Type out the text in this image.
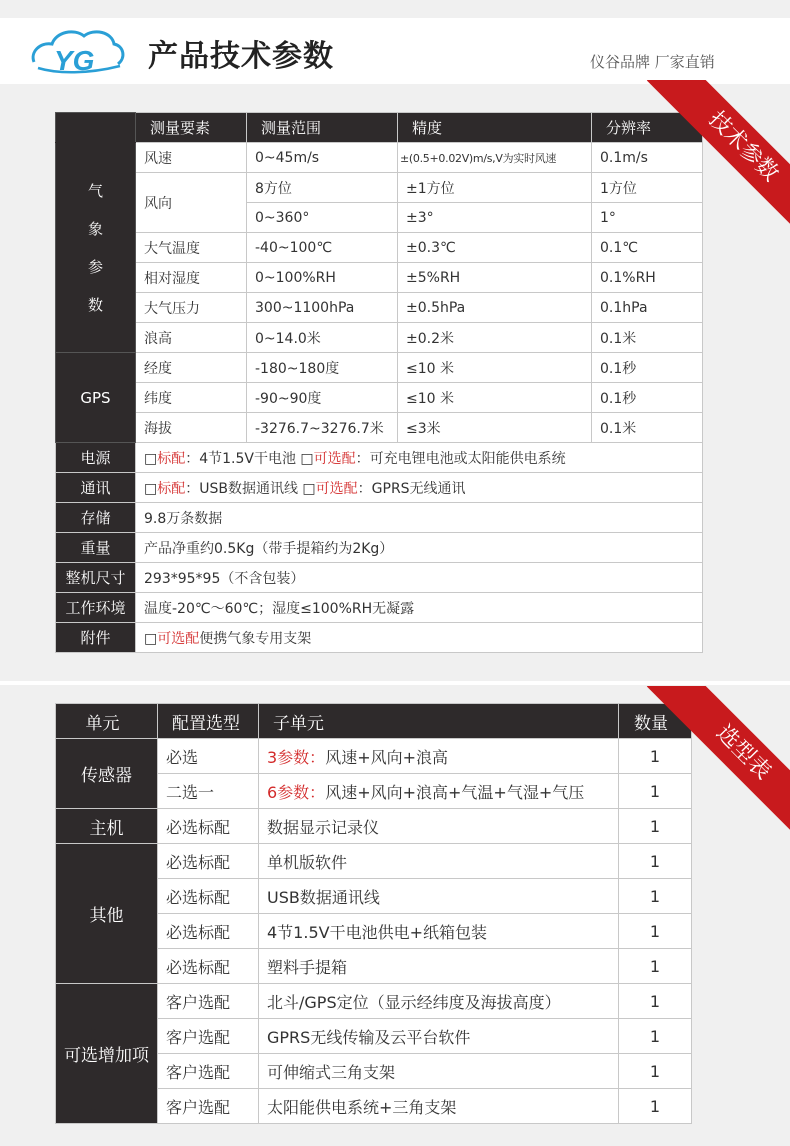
YG 产品技术参数	仪谷品牌 厂家直销
	测量要素	测量范围	精度	分辨率

气
象
参
数	风速	0~45m/s	±(0.5+0.02V)m/s,V为实时风速	0.1m/s
	风向	8方位	±1方位	1方位
		0~360°	±3°	1°
	大气温度	-40~100℃	±0.3℃	0.1℃
	相对湿度	0~100%RH	±5%RH	0.1%RH
	大气压力	300~1100hPa	±0.5hPa	0.1hPa
	浪高	0~14.0米	±0.2米	0.1米
GPS	经度	-180~180度	≤10 米	0.1秒
	纬度	-90~90度	≤10 米	0.1秒
	海拔	-3276.7~3276.7米	≤3米	0.1米
电源	□标配：4节1.5V干电池 □可选配：可充电锂电池或太阳能供电系统			
通讯	□标配：USB数据通讯线 □可选配：GPRS无线通讯			
存储	9.8万条数据			
重量	产品净重约0.5Kg（带手提箱约为2Kg）			
整机尺寸	293*95*95（不含包装）			
工作环境	温度-20℃～60℃；湿度≤100%RH无凝露			
附件	□可选配便携气象专用支架			
技术参数
单元	配置选型	子单元	数量
传感器	必选	3参数：风速+风向+浪高	1
	二选一	6参数：风速+风向+浪高+气温+气湿+气压	1
主机	必选标配	数据显示记录仪	1
其他	必选标配	单机版软件	1
	必选标配	USB数据通讯线	1
	必选标配	4节1.5V干电池供电+纸箱包装	1
	必选标配	塑料手提箱	1
可选增加项	客户选配	北斗/GPS定位（显示经纬度及海拔高度）	1
	客户选配	GPRS无线传输及云平台软件	1
	客户选配	可伸缩式三角支架	1
	客户选配	太阳能供电系统+三角支架	1
选型表
